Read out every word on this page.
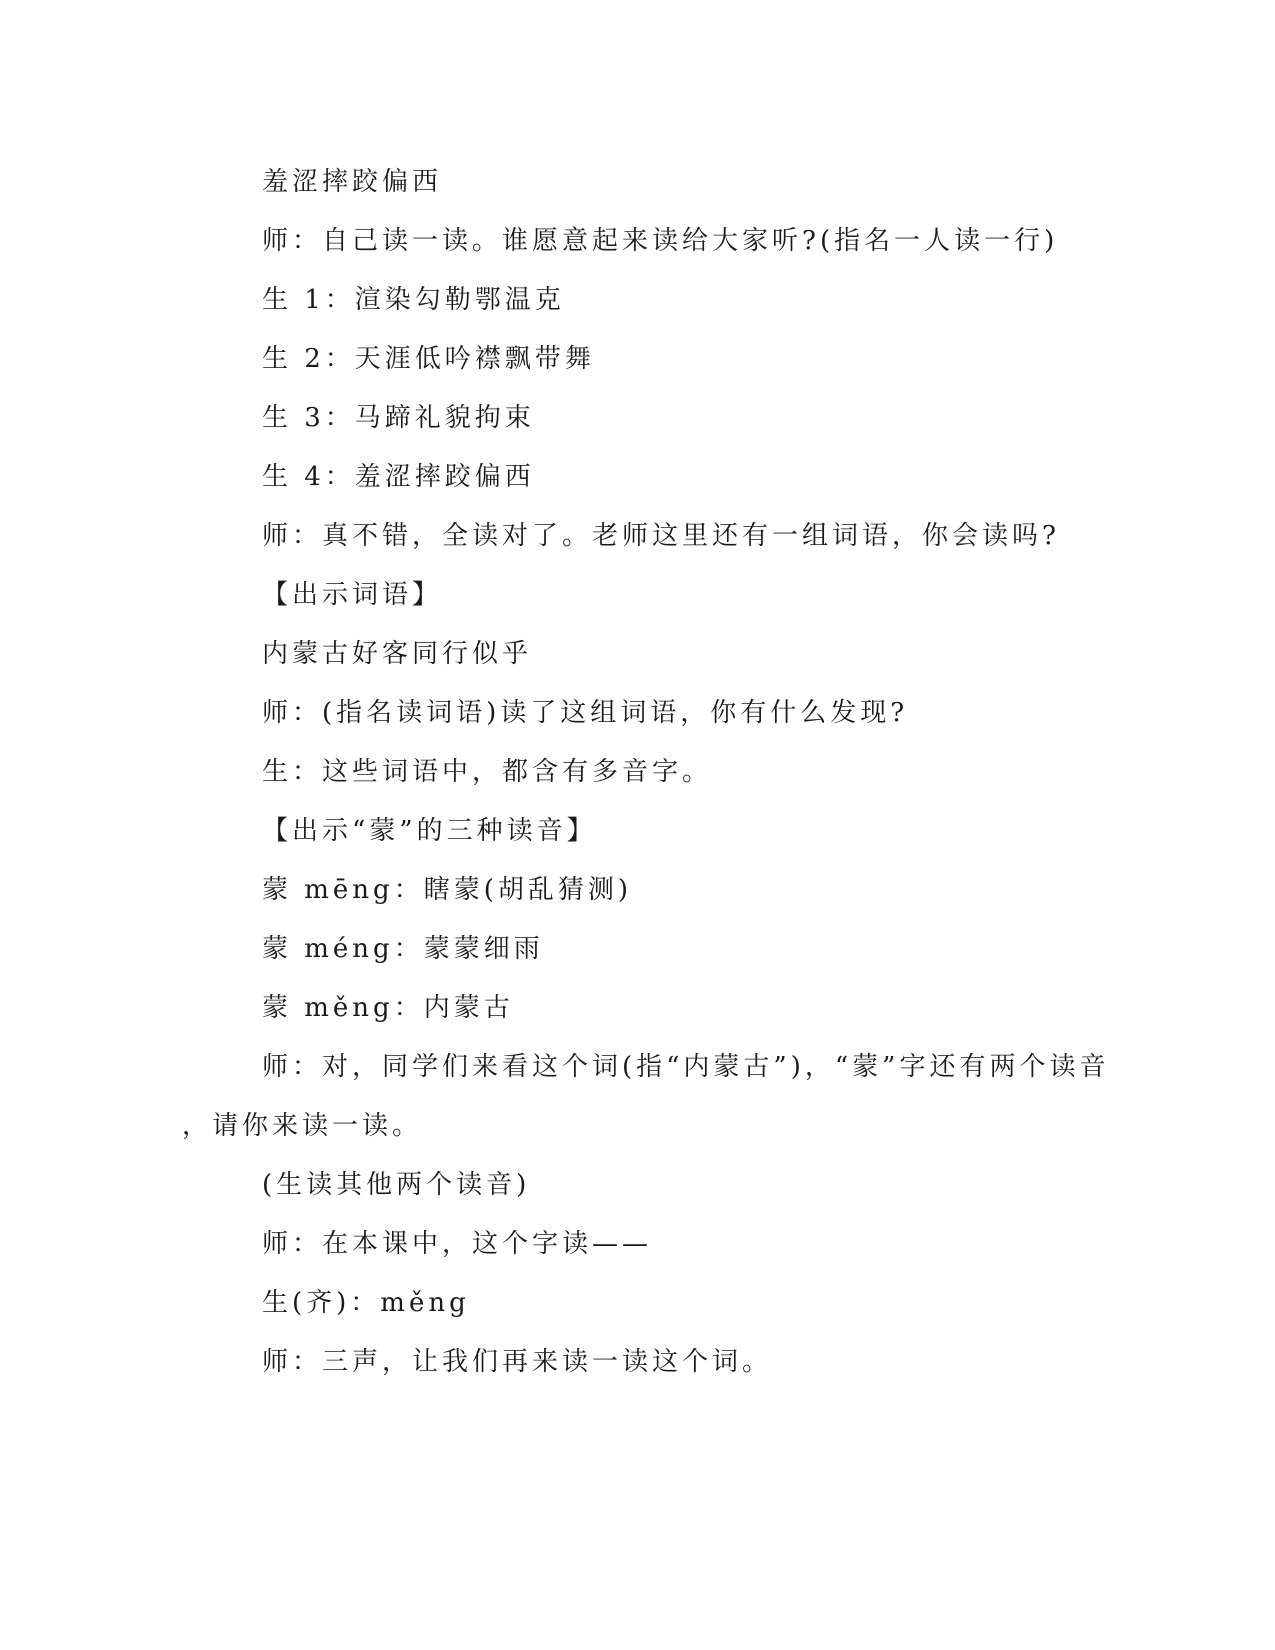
羞涩摔跤偏西
师：自己读一读。谁愿意起来读给大家听?(指名一人读一行)
生 1：渲染勾勒鄂温克
生 2：天涯低吟襟飘带舞
生 3：马蹄礼貌拘束
生 4：羞涩摔跤偏西
师：真不错，全读对了。老师这里还有一组词语，你会读吗?
【出示词语】
内蒙古好客同行似乎
师：(指名读词语)读了这组词语，你有什么发现?
生：这些词语中，都含有多音字。
【出示“蒙”的三种读音】
蒙 mēng：瞎蒙(胡乱猜测)
蒙 méng：蒙蒙细雨
蒙 měng：内蒙古
师：对，同学们来看这个词(指“内蒙古”)，“蒙”字还有两个读音
，请你来读一读。
(生读其他两个读音)
师：在本课中，这个字读——
生(齐)：měng
师：三声，让我们再来读一读这个词。
